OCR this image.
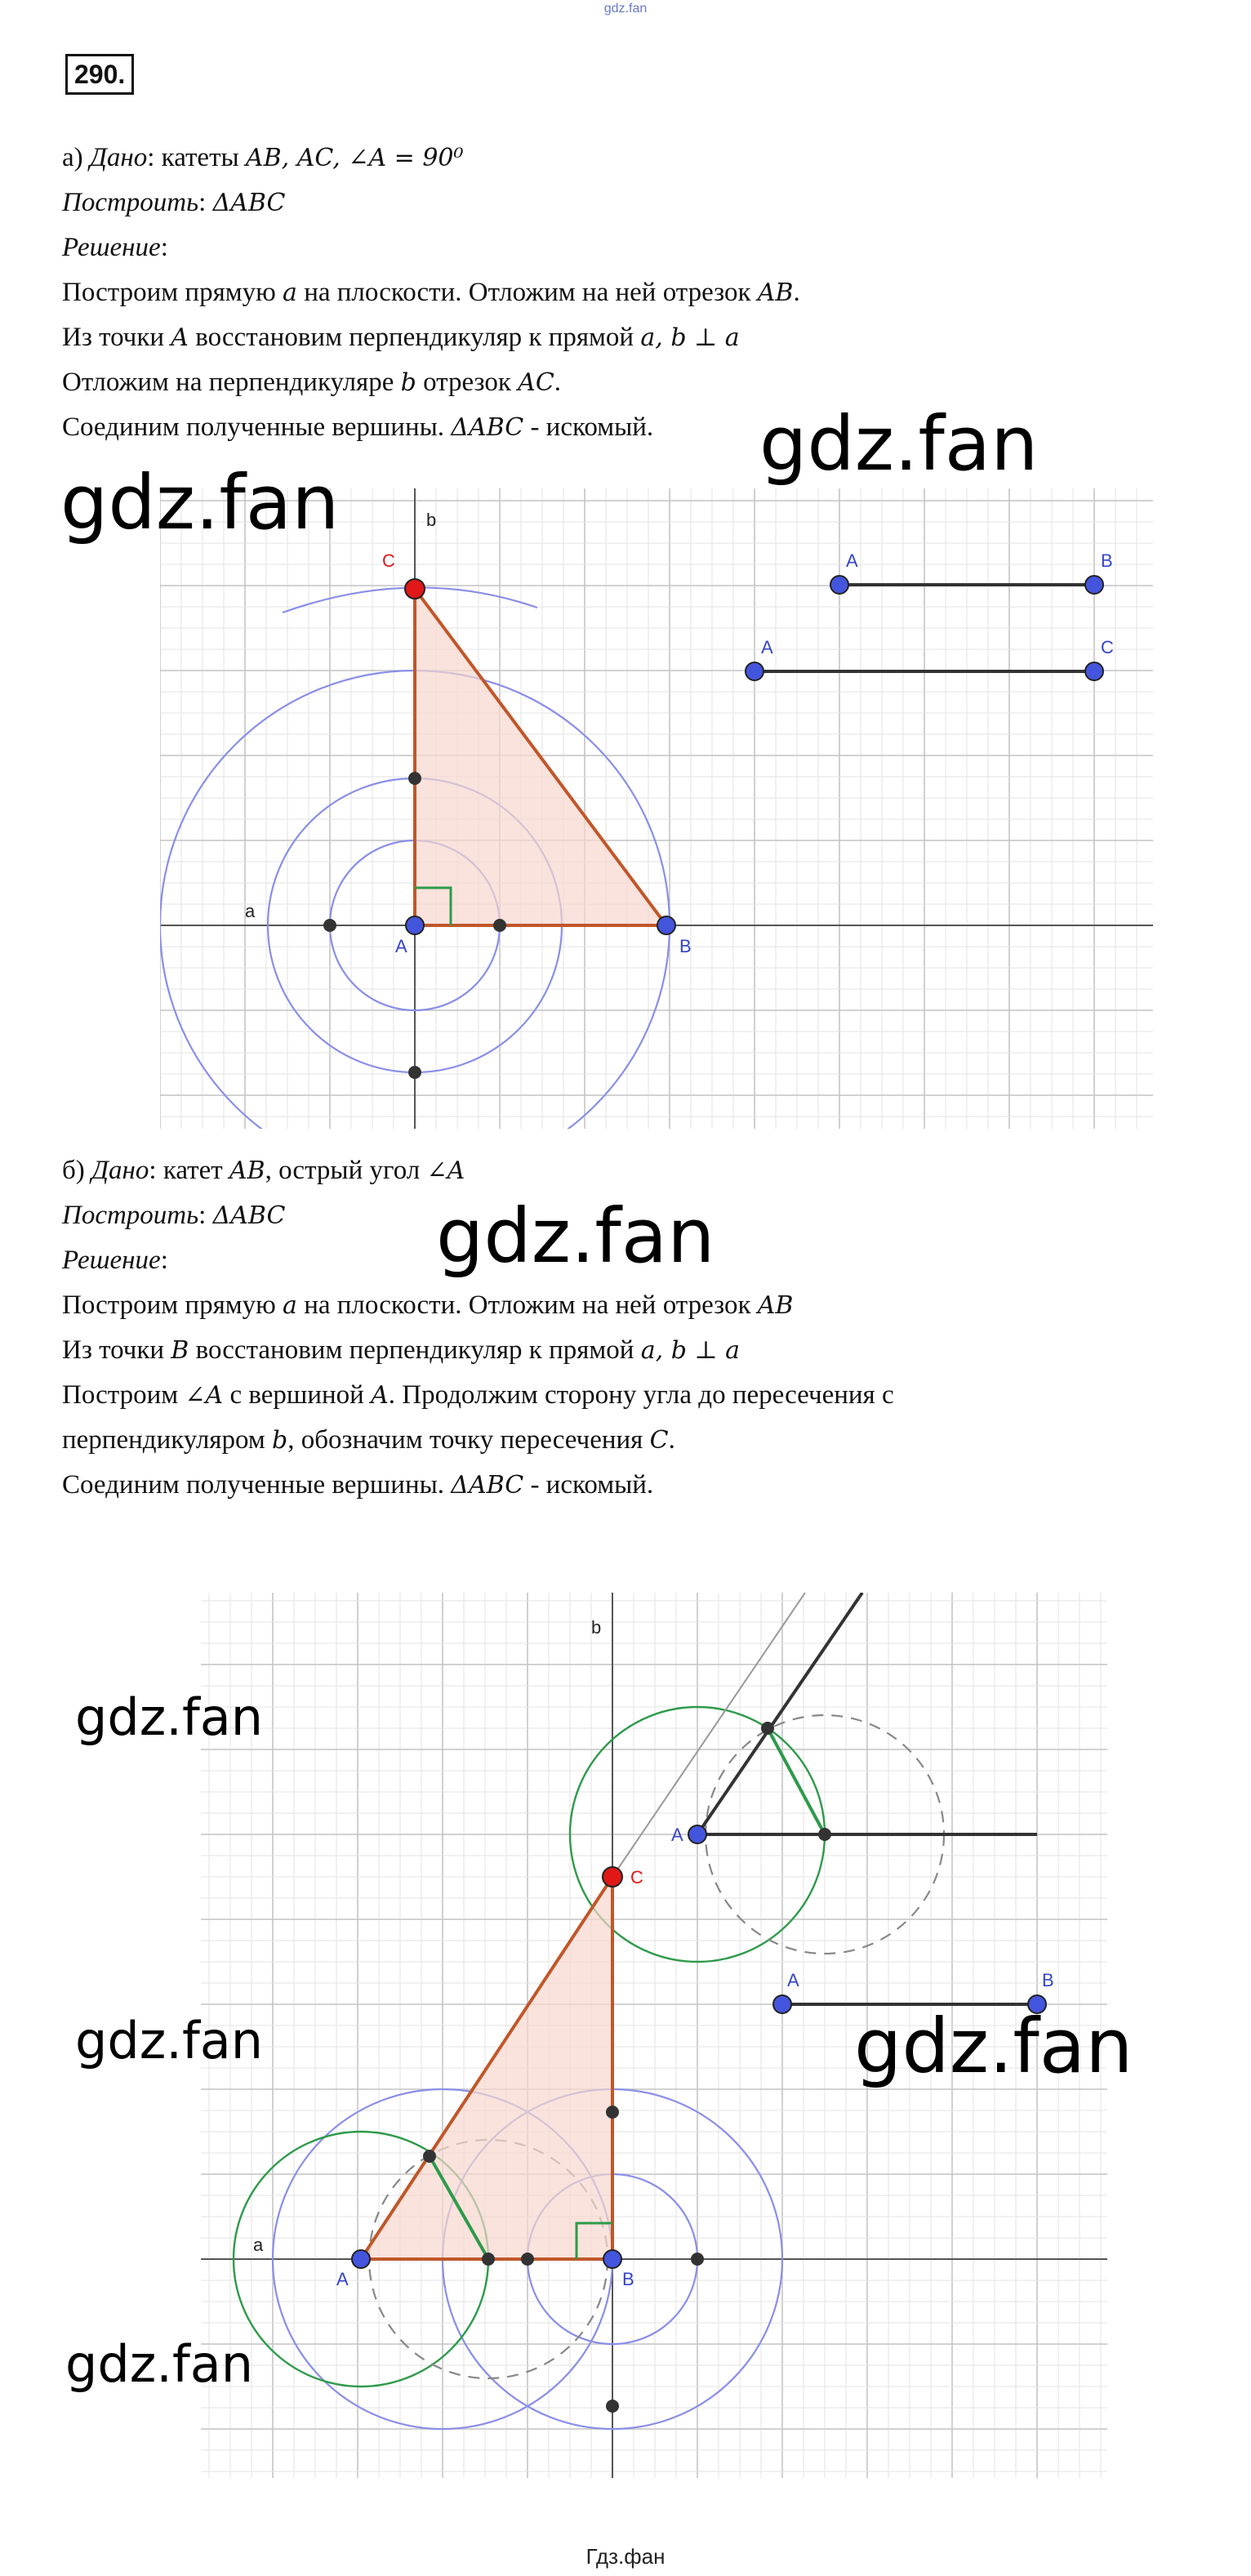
gdz.fan
290.

а) Дано: катеты AB, AC, ∠A = 90⁰

Построить: ΔABC

Решение:

Построим прямую a на плоскости. Отложим на ней отрезок AB.

Из точки A восстановим перпендикуляр к прямой a, b ⊥ a

Отложим на перпендикуляре b отрезок AC.

Соединим полученные вершины. ΔABC - искомый.

b
a
C
A	B
A	B
A	C

б) Дано: катет AB, острый угол ∠A

Построить: ΔABC

Решение:

Построим прямую a на плоскости. Отложим на ней отрезок AB

Из точки B восстановим перпендикуляр к прямой a, b ⊥ a

Построим ∠A с вершиной A. Продолжим сторону угла до пересечения с

перпендикуляром b, обозначим точку пересечения C.

Соединим полученные вершины. ΔABC - искомый.

b
a
C
A	B
A
A	B
gdz.fan
gdz.fan
gdz.fan
gdz.fan
gdz.fan	gdz.fan
gdz.fan
Гдз.фан
